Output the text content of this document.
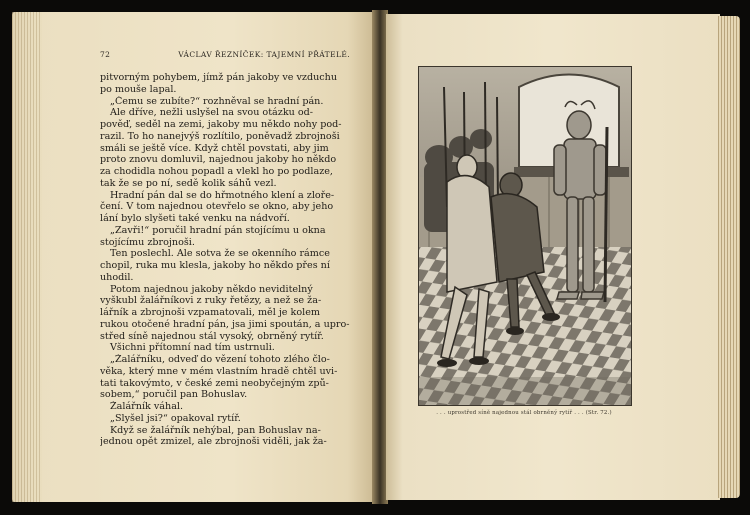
72	VÁCLAV ŘEZNÍČEK: TAJEMNÍ PŘÁTELÉ.
pitvorným pohybem, jímž pán jakoby ve vzduchu
po mouše lapal.
„Čemu se zubíte?“ rozhněval se hradní pán.
Ale dříve, nežli uslyšel na svou otázku od-
pověď, seděl na zemi, jakoby mu někdo nohy pod-
razil. To ho nanejvýš rozlítilo, poněvadž zbrojnoši
smáli se ještě více. Když chtěl povstati, aby jim
proto znovu domluvil, najednou jakoby ho někdo
za chodidla nohou popadl a vlekl ho po podlaze,
tak že se po ní, sedě kolik sáhů vezl.
Hradní pán dal se do hřmotného klení a zlořе-
čení. V tom najednou otevřelo se okno, aby jeho
lání bylo slyšeti také venku na nádvoří.
„Zavři!“ poručil hradní pán stojícímu u okna
stojícímu zbrojnoši.
Ten poslechl. Ale sotva že se okenního rámce
chopil, ruka mu klesla, jakoby ho někdo přes ní
uhodil.
Potom najednou jakoby někdo neviditelný
vyškubl žalářníkovi z ruky řetězy, a než se ža-
lářník a zbrojnoši vzpamatovali, měl je kolem
rukou otočené hradní pán, jsa jimi spoután, a upro-
střed síně najednou stál vysoký, obrněný rytíř.
Všichni přítomní nad tím ustrnuli.
„Žalářníku, odveď do vězení tohoto zlého člo-
věka, který mne v mém vlastním hradě chtěl uvi-
tati takovýmto, v české zemi neobyčejným způ-
sobem,“ poručil pan Bohuslav.
Žalářník váhal.
„Slyšel jsi?“ opakoval rytíř.
Když se žalářník nehýbal, pan Bohuslav na-
jednou opět zmizel, ale zbrojnoši viděli, jak ža-
. . . uprostřed síně najednou stál obrněný rytíř . . . (Str. 72.)
